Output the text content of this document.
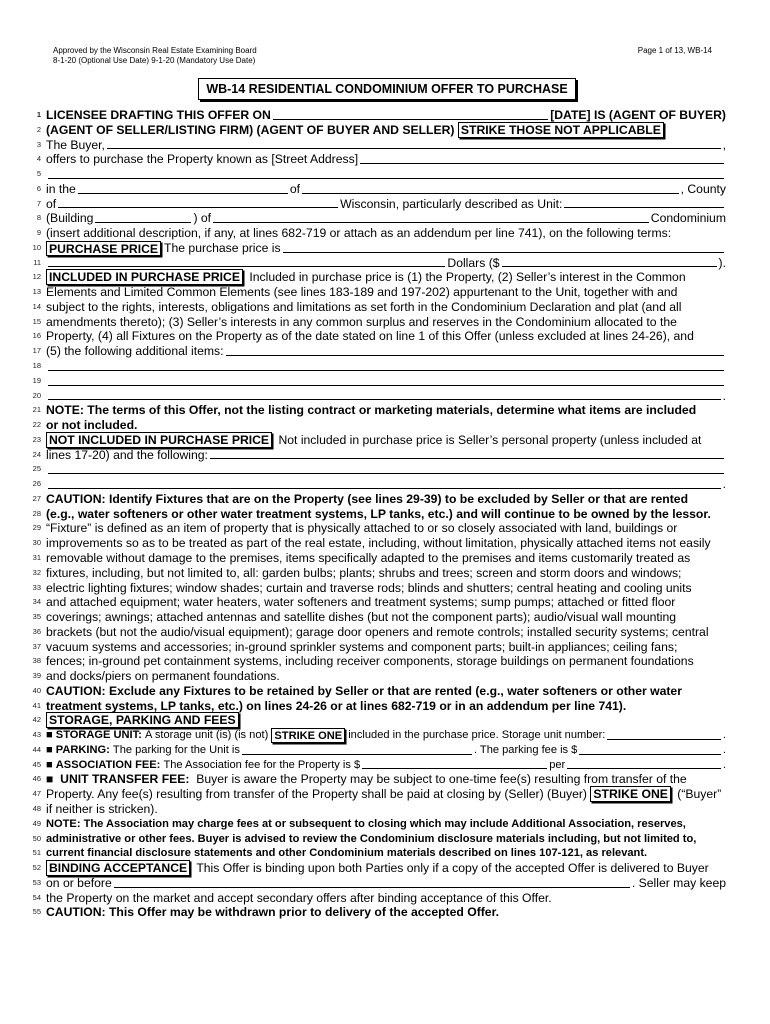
Approved by the Wisconsin Real Estate Examining Board
8-1-20 (Optional Use Date) 9-1-20 (Mandatory Use Date)
Page 1 of 13, WB-14
WB-14 RESIDENTIAL CONDOMINIUM OFFER TO PURCHASE
1 LICENSEE DRAFTING THIS OFFER ON	[DATE] IS (AGENT OF BUYER)
2 (AGENT OF SELLER/LISTING FIRM) (AGENT OF BUYER AND SELLER) STRIKE THOSE NOT APPLICABLE
3 The Buyer,	,
4 offers to purchase the Property known as [Street Address]
5
6 in the	of	, County
7 of	Wisconsin, particularly described as Unit:
8 (Building	) of	Condominium
9 (insert additional description, if any, at lines 682-719 or attach as an addendum per line 741), on the following terms:
10 PURCHASE PRICE The purchase price is
11	Dollars ($	).
12 INCLUDED IN PURCHASE PRICE Included in purchase price is (1) the Property, (2) Seller’s interest in the Common
13 Elements and Limited Common Elements (see lines 183-189 and 197-202) appurtenant to the Unit, together with and
14 subject to the rights, interests, obligations and limitations as set forth in the Condominium Declaration and plat (and all
15 amendments thereto); (3) Seller’s interests in any common surplus and reserves in the Condominium allocated to the
16 Property, (4) all Fixtures on the Property as of the date stated on line 1 of this Offer (unless excluded at lines 24-26), and
17 (5) the following additional items:
18
19
20	.
21 NOTE: The terms of this Offer, not the listing contract or marketing materials, determine what items are included
22 or not included.
23 NOT INCLUDED IN PURCHASE PRICE Not included in purchase price is Seller’s personal property (unless included at
24 lines 17-20) and the following:
25
26	.
27 CAUTION: Identify Fixtures that are on the Property (see lines 29-39) to be excluded by Seller or that are rented
28 (e.g., water softeners or other water treatment systems, LP tanks, etc.) and will continue to be owned by the lessor.
29 “Fixture” is defined as an item of property that is physically attached to or so closely associated with land, buildings or
30 improvements so as to be treated as part of the real estate, including, without limitation, physically attached items not easily
31 removable without damage to the premises, items specifically adapted to the premises and items customarily treated as
32 fixtures, including, but not limited to, all: garden bulbs; plants; shrubs and trees; screen and storm doors and windows;
33 electric lighting fixtures; window shades; curtain and traverse rods; blinds and shutters; central heating and cooling units
34 and attached equipment; water heaters, water softeners and treatment systems; sump pumps; attached or fitted floor
35 coverings; awnings; attached antennas and satellite dishes (but not the component parts); audio/visual wall mounting
36 brackets (but not the audio/visual equipment); garage door openers and remote controls; installed security systems; central
37 vacuum systems and accessories; in-ground sprinkler systems and component parts; built-in appliances; ceiling fans;
38 fences; in-ground pet containment systems, including receiver components, storage buildings on permanent foundations
39 and docks/piers on permanent foundations.
40 CAUTION: Exclude any Fixtures to be retained by Seller or that are rented (e.g., water softeners or other water
41 treatment systems, LP tanks, etc.) on lines 24-26 or at lines 682-719 or in an addendum per line 741).
42 STORAGE, PARKING AND FEES
43 ■
STORAGE UNIT:
A storage unit (is) (is not)
STRIKE ONE included in the purchase price. Storage unit number:	.
44 ■
PARKING:
The parking for the Unit is	. The parking fee is $	.
45 ■
ASSOCIATION FEE:
The Association fee for the Property is $	per	.
46 ■ UNIT TRANSFER FEE: Buyer is aware the Property may be subject to one-time fee(s) resulting from transfer of the
47 Property. Any fee(s) resulting from transfer of the Property shall be paid at closing by (Seller) (Buyer) STRIKE ONE (“Buyer”
48 if neither is stricken).
49 NOTE: The Association may charge fees at or subsequent to closing which may include Additional Association, reserves,
50 administrative or other fees. Buyer is advised to review the Condominium disclosure materials including, but not limited to,
51 current financial disclosure statements and other Condominium materials described on lines 107-121, as relevant.
52 BINDING ACCEPTANCE This Offer is binding upon both Parties only if a copy of the accepted Offer is delivered to Buyer
53 on or before	. Seller may keep
54 the Property on the market and accept secondary offers after binding acceptance of this Offer.
55 CAUTION: This Offer may be withdrawn prior to delivery of the accepted Offer.
